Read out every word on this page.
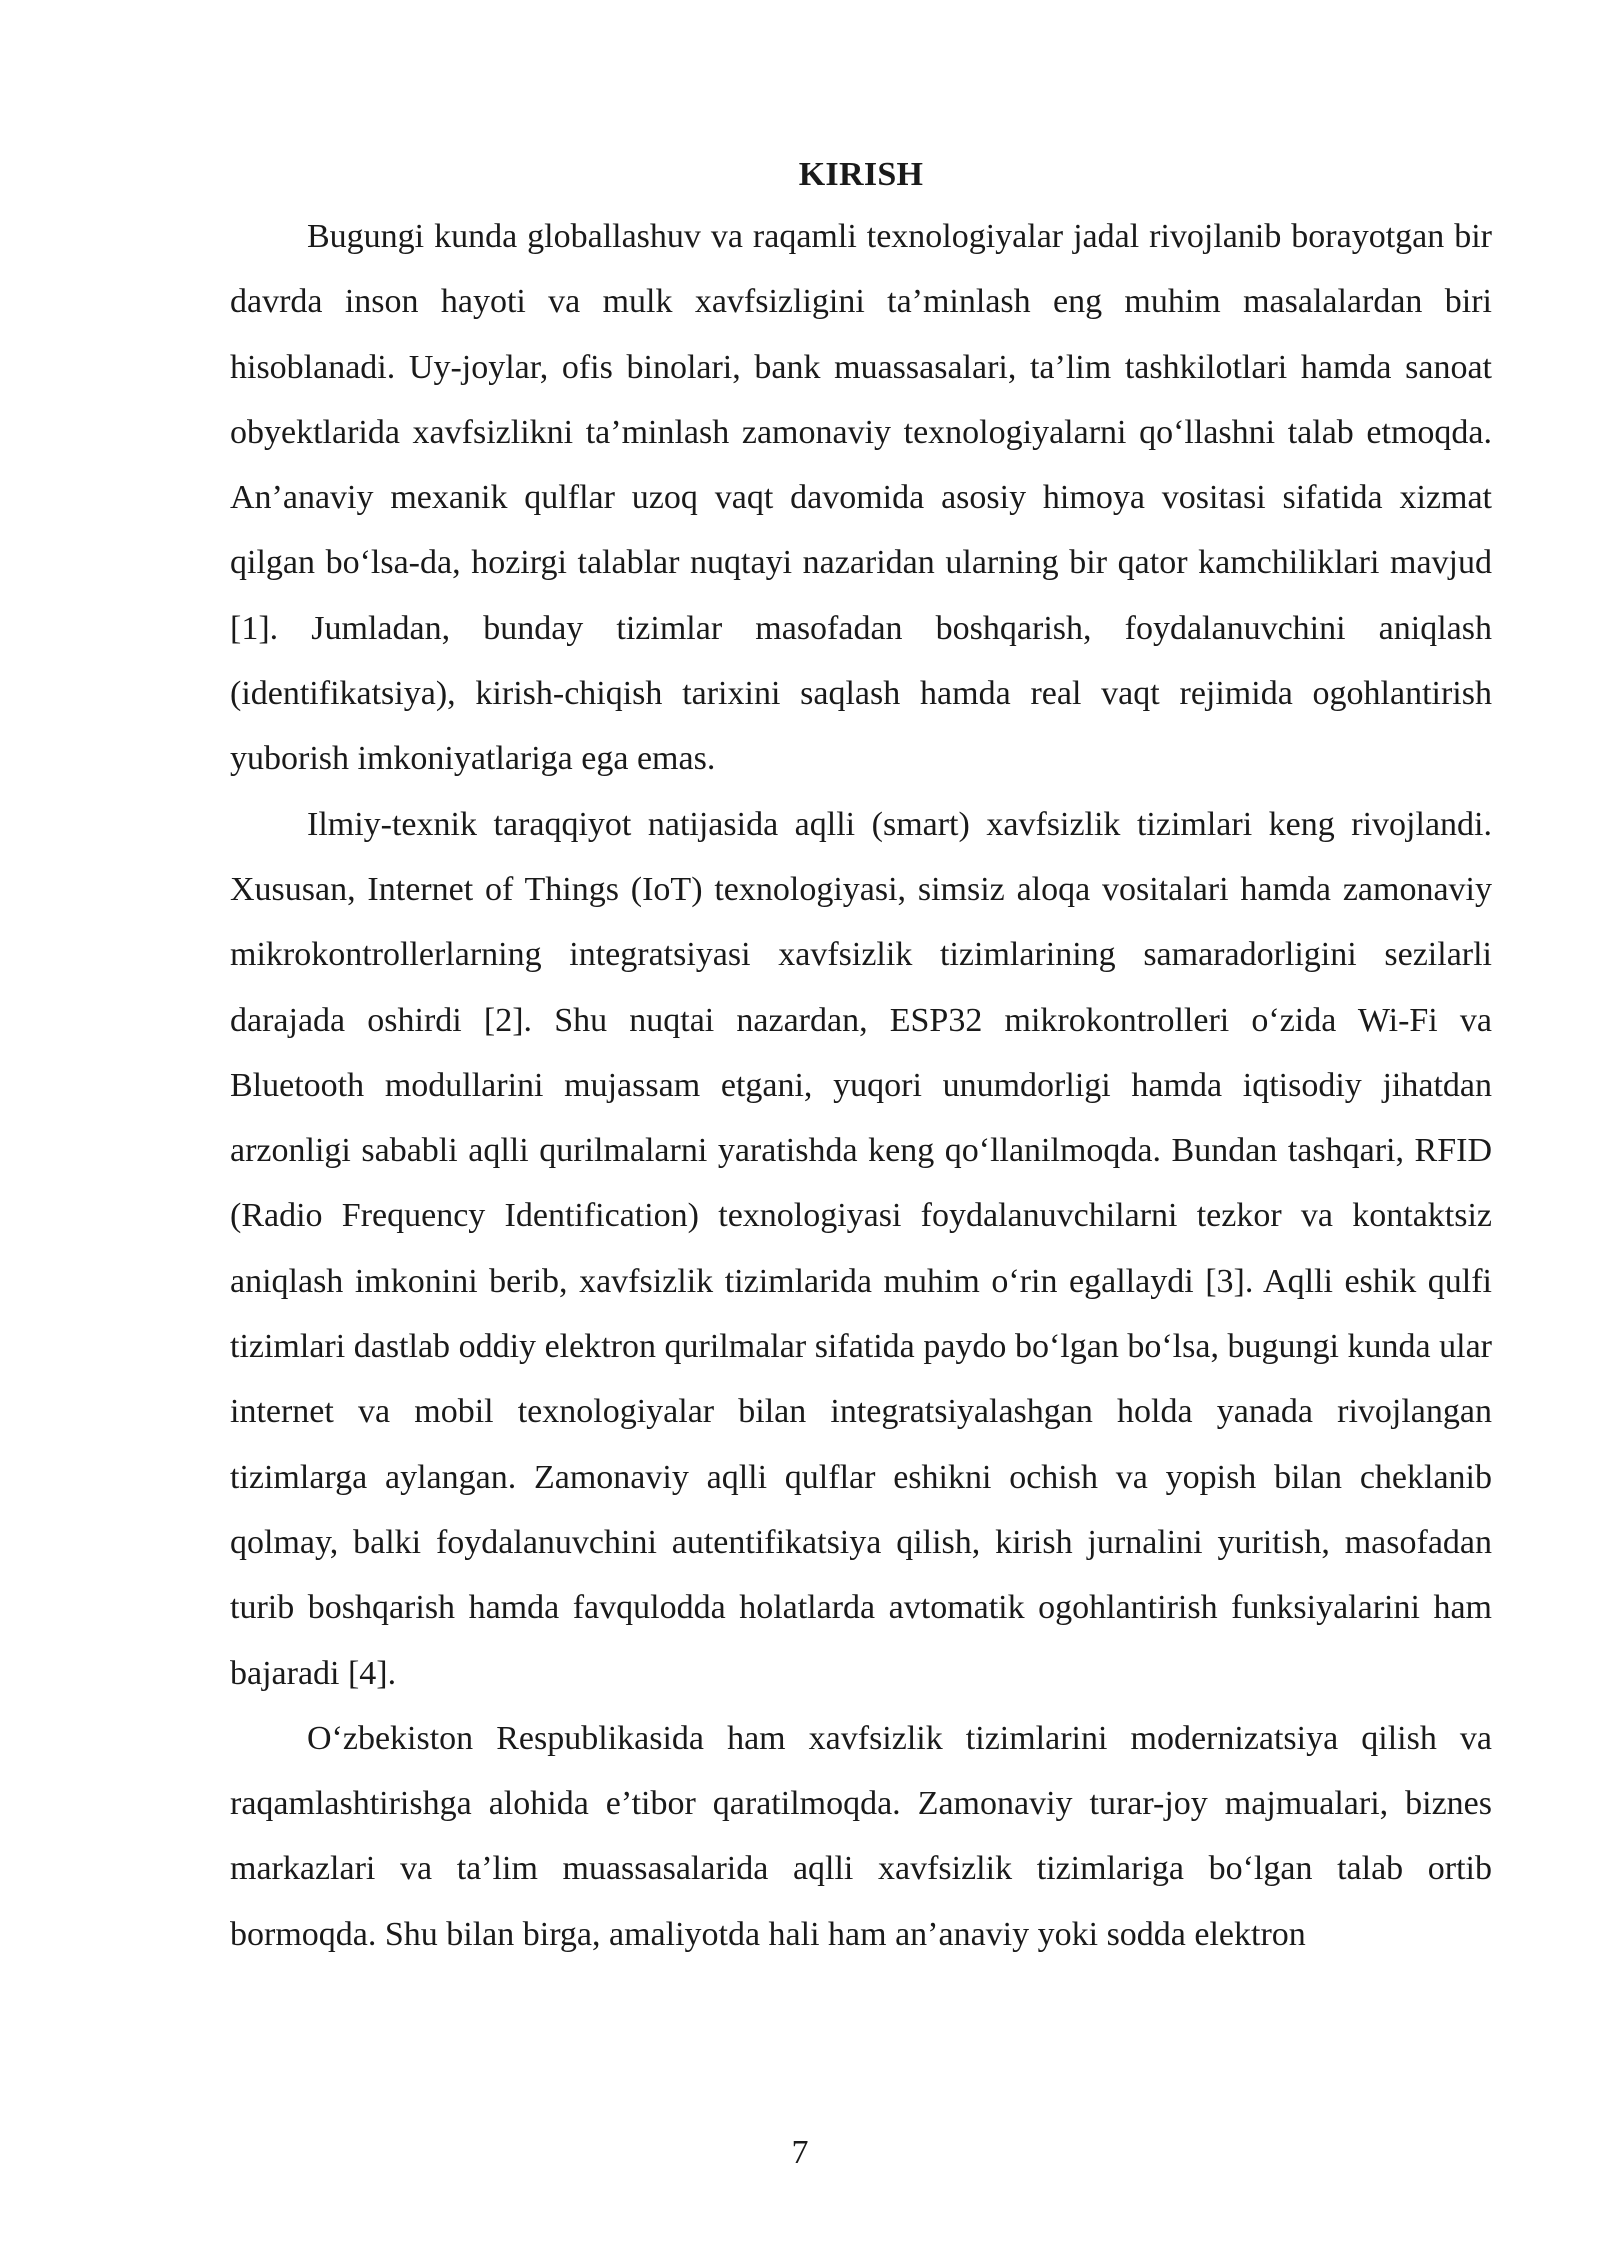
KIRISH

Bugungi kunda globallashuv va raqamli texnologiyalar jadal rivojlanib borayotgan bir davrda inson hayoti va mulk xavfsizligini ta’minlash eng muhim masalalardan biri hisoblanadi. Uy-joylar, ofis binolari, bank muassasalari, ta’lim tashkilotlari hamda sanoat obyektlarida xavfsizlikni ta’minlash zamonaviy texnologiyalarni qo‘llashni talab etmoqda. An’anaviy mexanik qulflar uzoq vaqt davomida asosiy himoya vositasi sifatida xizmat qilgan bo‘lsa-da, hozirgi talablar nuqtayi nazaridan ularning bir qator kamchiliklari mavjud [1]. Jumladan, bunday tizimlar masofadan boshqarish, foydalanuvchini aniqlash (identifikatsiya), kirish-chiqish tarixini saqlash hamda real vaqt rejimida ogohlantirish yuborish imkoniyatlariga ega emas.

Ilmiy-texnik taraqqiyot natijasida aqlli (smart) xavfsizlik tizimlari keng rivojlandi. Xususan, Internet of Things (IoT) texnologiyasi, simsiz aloqa vositalari hamda zamonaviy mikrokontrollerlarning integratsiyasi xavfsizlik tizimlarining samaradorligini sezilarli darajada oshirdi [2]. Shu nuqtai nazardan, ESP32 mikrokontrolleri o‘zida Wi-Fi va Bluetooth modullarini mujassam etgani, yuqori unumdorligi hamda iqtisodiy jihatdan arzonligi sababli aqlli qurilmalarni yaratishda keng qo‘llanilmoqda. Bundan tashqari, RFID (Radio Frequency Identification) texnologiyasi foydalanuvchilarni tezkor va kontaktsiz aniqlash imkonini berib, xavfsizlik tizimlarida muhim o‘rin egallaydi [3]. Aqlli eshik qulfi tizimlari dastlab oddiy elektron qurilmalar sifatida paydo bo‘lgan bo‘lsa, bugungi kunda ular internet va mobil texnologiyalar bilan integratsiyalashgan holda yanada rivojlangan tizimlarga aylangan. Zamonaviy aqlli qulflar eshikni ochish va yopish bilan cheklanib qolmay, balki foydalanuvchini autentifikatsiya qilish, kirish jurnalini yuritish, masofadan turib boshqarish hamda favqulodda holatlarda avtomatik ogohlantirish funksiyalarini ham bajaradi [4].

O‘zbekiston Respublikasida ham xavfsizlik tizimlarini modernizatsiya qilish va raqamlashtirishga alohida e’tibor qaratilmoqda. Zamonaviy turar-joy majmualari, biznes markazlari va ta’lim muassasalarida aqlli xavfsizlik tizimlariga bo‘lgan talab ortib bormoqda. Shu bilan birga, amaliyotda hali ham an’anaviy yoki sodda elektron

7
